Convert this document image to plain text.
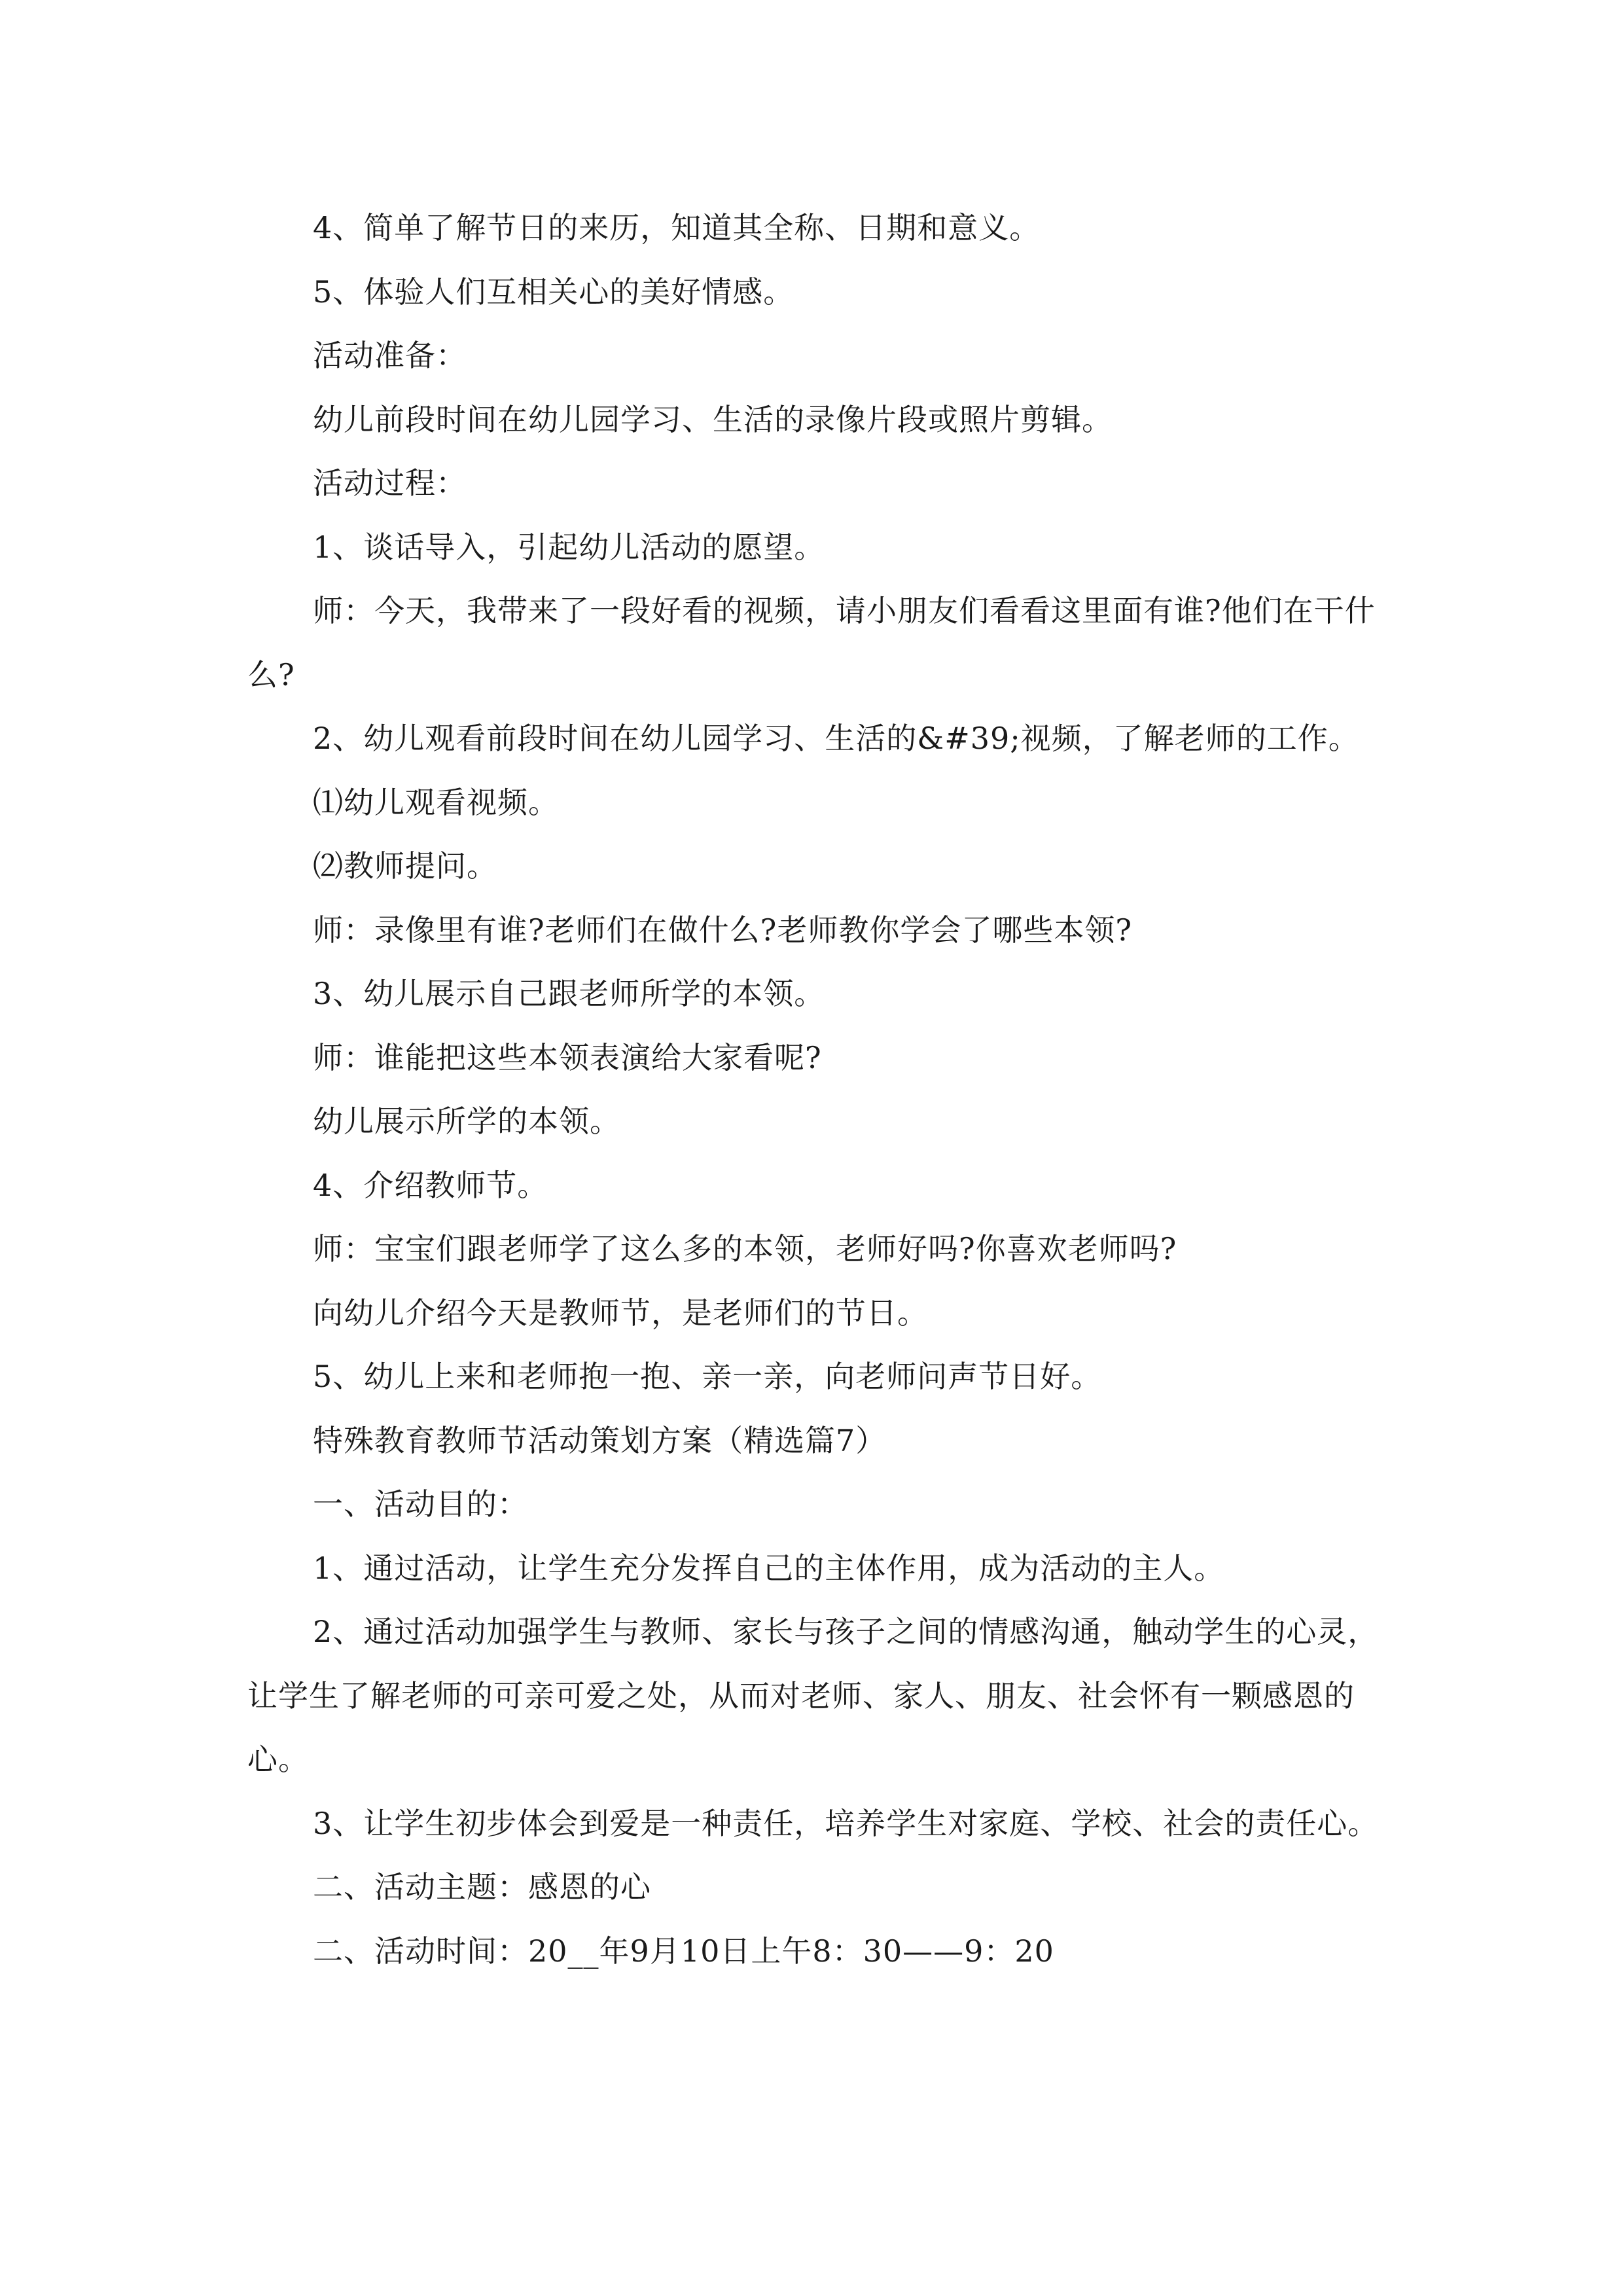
4、简单了解节日的来历，知道其全称、日期和意义。

5、体验人们互相关心的美好情感。

活动准备：

幼儿前段时间在幼儿园学习、生活的录像片段或照片剪辑。

活动过程：

1、谈话导入，引起幼儿活动的愿望。

师：今天，我带来了一段好看的视频，请小朋友们看看这里面有谁?他们在干什么?

2、幼儿观看前段时间在幼儿园学习、生活的&#39;视频，了解老师的工作。

⑴幼儿观看视频。

⑵教师提问。

师：录像里有谁?老师们在做什么?老师教你学会了哪些本领?

3、幼儿展示自己跟老师所学的本领。

师：谁能把这些本领表演给大家看呢?

幼儿展示所学的本领。

4、介绍教师节。

师：宝宝们跟老师学了这么多的本领，老师好吗?你喜欢老师吗?

向幼儿介绍今天是教师节，是老师们的节日。

5、幼儿上来和老师抱一抱、亲一亲，向老师问声节日好。

特殊教育教师节活动策划方案（精选篇7）

一、活动目的：

1、通过活动，让学生充分发挥自己的主体作用，成为活动的主人。

2、通过活动加强学生与教师、家长与孩子之间的情感沟通，触动学生的心灵，让学生了解老师的可亲可爱之处，从而对老师、家人、朋友、社会怀有一颗感恩的心。

3、让学生初步体会到爱是一种责任，培养学生对家庭、学校、社会的责任心。

二、活动主题：感恩的心

二、活动时间：20__年9月10日上午8：30——9：20
